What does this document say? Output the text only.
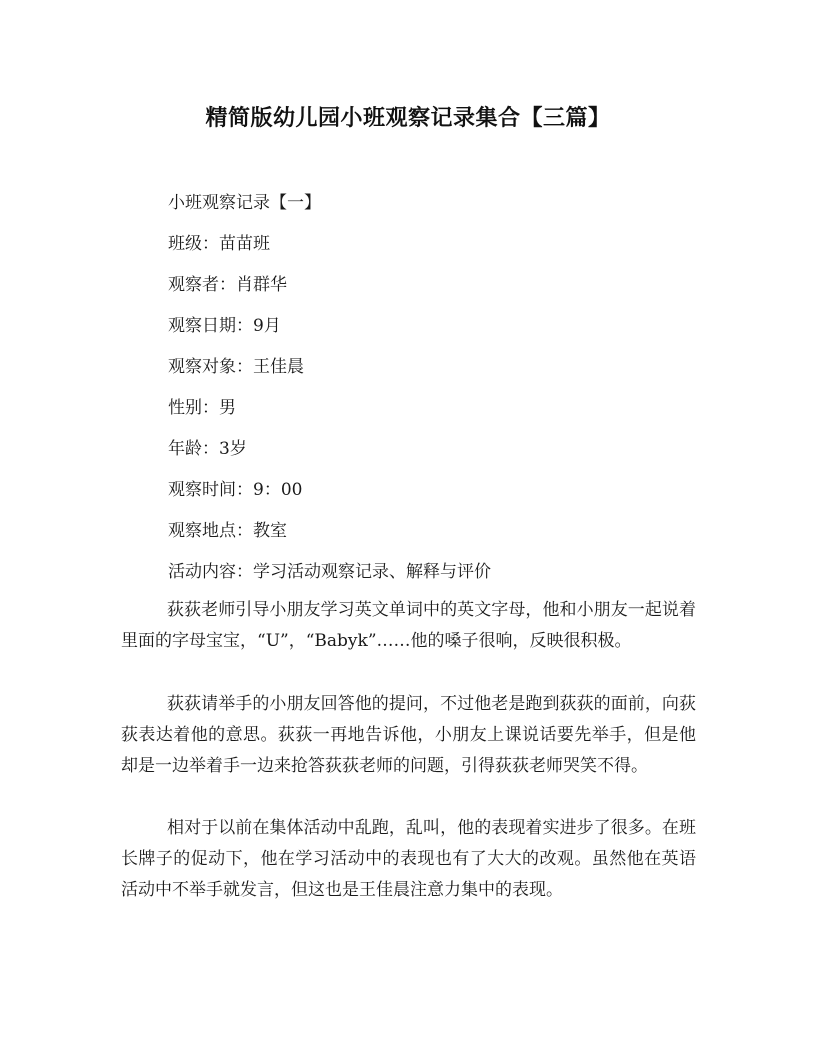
精简版幼儿园小班观察记录集合【三篇】
小班观察记录【一】
班级：苗苗班
观察者：肖群华
观察日期：9月
观察对象：王佳晨
性别：男
年龄：3岁
观察时间：9：00
观察地点：教室
活动内容：学习活动观察记录、解释与评价

荻荻老师引导小朋友学习英文单词中的英文字母，他和小朋友一起说着里面的字母宝宝，“U”，“Babyk”……他的嗓子很响，反映很积极。

荻荻请举手的小朋友回答他的提问，不过他老是跑到荻荻的面前，向荻荻表达着他的意思。荻荻一再地告诉他，小朋友上课说话要先举手，但是他却是一边举着手一边来抢答荻荻老师的问题，引得荻荻老师哭笑不得。

相对于以前在集体活动中乱跑，乱叫，他的表现着实进步了很多。在班长牌子的促动下，他在学习活动中的表现也有了大大的改观。虽然他在英语活动中不举手就发言，但这也是王佳晨注意力集中的表现。
